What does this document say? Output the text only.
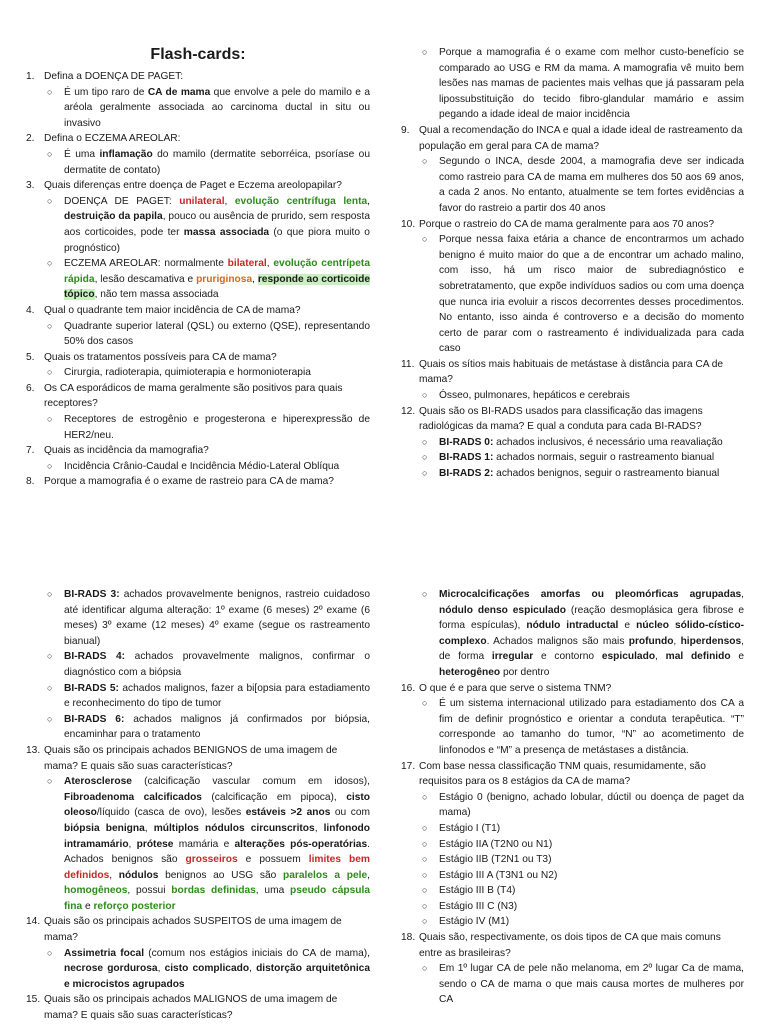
Flash-cards:
1. Defina a DOENÇA DE PAGET:
○ É um tipo raro de CA de mama que envolve a pele do mamilo e a aréola geralmente associada ao carcinoma ductal in situ ou invasivo
2. Defina o ECZEMA AREOLAR:
○ É uma inflamação do mamilo (dermatite seborréica, psoríase ou dermatite de contato)
3. Quais diferenças entre doença de Paget e Eczema areolopapilar?
○ DOENÇA DE PAGET: unilateral, evolução centrífuga lenta, destruição da papila, pouco ou ausência de prurido, sem resposta aos corticoides, pode ter massa associada (o que piora muito o prognóstico)
○ ECZEMA AREOLAR: normalmente bilateral, evolução centrípeta rápida, lesão descamativa e pruriginosa, responde ao corticoide tópico, não tem massa associada
4. Qual o quadrante tem maior incidência de CA de mama?
○ Quadrante superior lateral (QSL) ou externo (QSE), representando 50% dos casos
5. Quais os tratamentos possíveis para CA de mama?
○ Cirurgia, radioterapia, quimioterapia e hormonioterapia
6. Os CA esporádicos de mama geralmente são positivos para quais receptores?
○ Receptores de estrogênio e progesterona e hiperexpressão de HER2/neu.
7. Quais as incidência da mamografia?
○ Incidência Crânio-Caudal e Incidência Médio-Lateral Oblíqua
8. Porque a mamografia é o exame de rastreio para CA de mama?
○ Porque a mamografia é o exame com melhor custo-benefício se comparado ao USG e RM da mama. A mamografia vê muito bem lesões nas mamas de pacientes mais velhas que já passaram pela lipossubstituição do tecido fibro-glandular mamário e assim pegando a idade ideal de maior incidência
9. Qual a recomendação do INCA e qual a idade ideal de rastreamento da população em geral para CA de mama?
○ Segundo o INCA, desde 2004, a mamografia deve ser indicada como rastreio para CA de mama em mulheres dos 50 aos 69 anos, a cada 2 anos. No entanto, atualmente se tem fortes evidências a favor do rastreio a partir dos 40 anos
10. Porque o rastreio do CA de mama geralmente para aos 70 anos?
○ Porque nessa faixa etária a chance de encontrarmos um achado benigno é muito maior do que a de encontrar um achado malino, com isso, há um risco maior de subrediagnóstico e sobretratamento, que expõe indivíduos sadios ou com uma doença que nunca iria evoluir a riscos decorrentes desses procedimentos. No entanto, isso ainda é controverso e a decisão do momento certo de parar com o rastreamento é individualizada para cada caso
11. Quais os sítios mais habituais de metástase à distância para CA de mama?
○ Ósseo, pulmonares, hepáticos e cerebrais
12. Quais são os BI-RADS usados para classificação das imagens radiológicas da mama? E qual a conduta para cada BI-RADS?
○ BI-RADS 0: achados inclusivos, é necessário uma reavaliação
○ BI-RADS 1: achados normais, seguir o rastreamento bianual
○ BI-RADS 2: achados benignos, seguir o rastreamento bianual
○ BI-RADS 3: achados provavelmente benignos, rastreio cuidadoso até identificar alguma alteração: 1º exame (6 meses) 2º exame (6 meses) 3º exame (12 meses) 4º exame (segue os rastreamento bianual)
○ BI-RADS 4: achados provavelmente malignos, confirmar o diagnóstico com a biópsia
○ BI-RADS 5: achados malignos, fazer a bi[opsia para estadiamento e reconhecimento do tipo de tumor
○ BI-RADS 6: achados malignos já confirmados por biópsia, encaminhar para o tratamento
13. Quais são os principais achados BENIGNOS de uma imagem de mama? E quais são suas características?
○ Aterosclerose (calcificação vascular comum em idosos), Fibroadenoma calcificados (calcificação em pipoca), cisto oleoso/líquido (casca de ovo), lesões estáveis >2 anos ou com biópsia benigna, múltiplos nódulos circunscritos, linfonodo intramamário, prótese mamária e alterações pós-operatórias. Achados benignos são grosseiros e possuem limites bem definidos, nódulos benignos ao USG são paralelos a pele, homogêneos, possui bordas definidas, uma pseudo cápsula fina e reforço posterior
14. Quais são os principais achados SUSPEITOS de uma imagem de mama?
○ Assimetria focal (comum nos estágios iniciais do CA de mama), necrose gordurosa, cisto complicado, distorção arquitetônica e microcistos agrupados
15. Quais são os principais achados MALIGNOS de uma imagem de mama? E quais são suas características?
○ Microcalcificações amorfas ou pleomórficas agrupadas, nódulo denso espiculado (reação desmoplásica gera fibrose e forma espículas), nódulo intraductal e núcleo sólido-cístico-complexo. Achados malignos são mais profundo, hiperdensos, de forma irregular e contorno espiculado, mal definido e heterogêneo por dentro
16. O que é e para que serve o sistema TNM?
○ É um sistema internacional utilizado para estadiamento dos CA a fim de definir prognóstico e orientar a conduta terapêutica. “T” corresponde ao tamanho do tumor, “N” ao acometimento de linfonodos e “M” a presença de metástases a distância.
17. Com base nessa classificação TNM quais, resumidamente, são requisitos para os 8 estágios da CA de mama?
○ Estágio 0 (benigno, achado lobular, dúctil ou doença de paget da mama)
○ Estágio I (T1)
○ Estágio IIA (T2N0 ou N1)
○ Estágio IIB (T2N1 ou T3)
○ Estágio III A (T3N1 ou N2)
○ Estágio III B (T4)
○ Estágio III C (N3)
○ Estágio IV (M1)
18. Quais são, respectivamente, os dois tipos de CA que mais comuns entre as brasileiras?
○ Em 1º lugar CA de pele não melanoma, em 2º lugar Ca de mama, sendo o CA de mama o que mais causa mortes de mulheres por CA
